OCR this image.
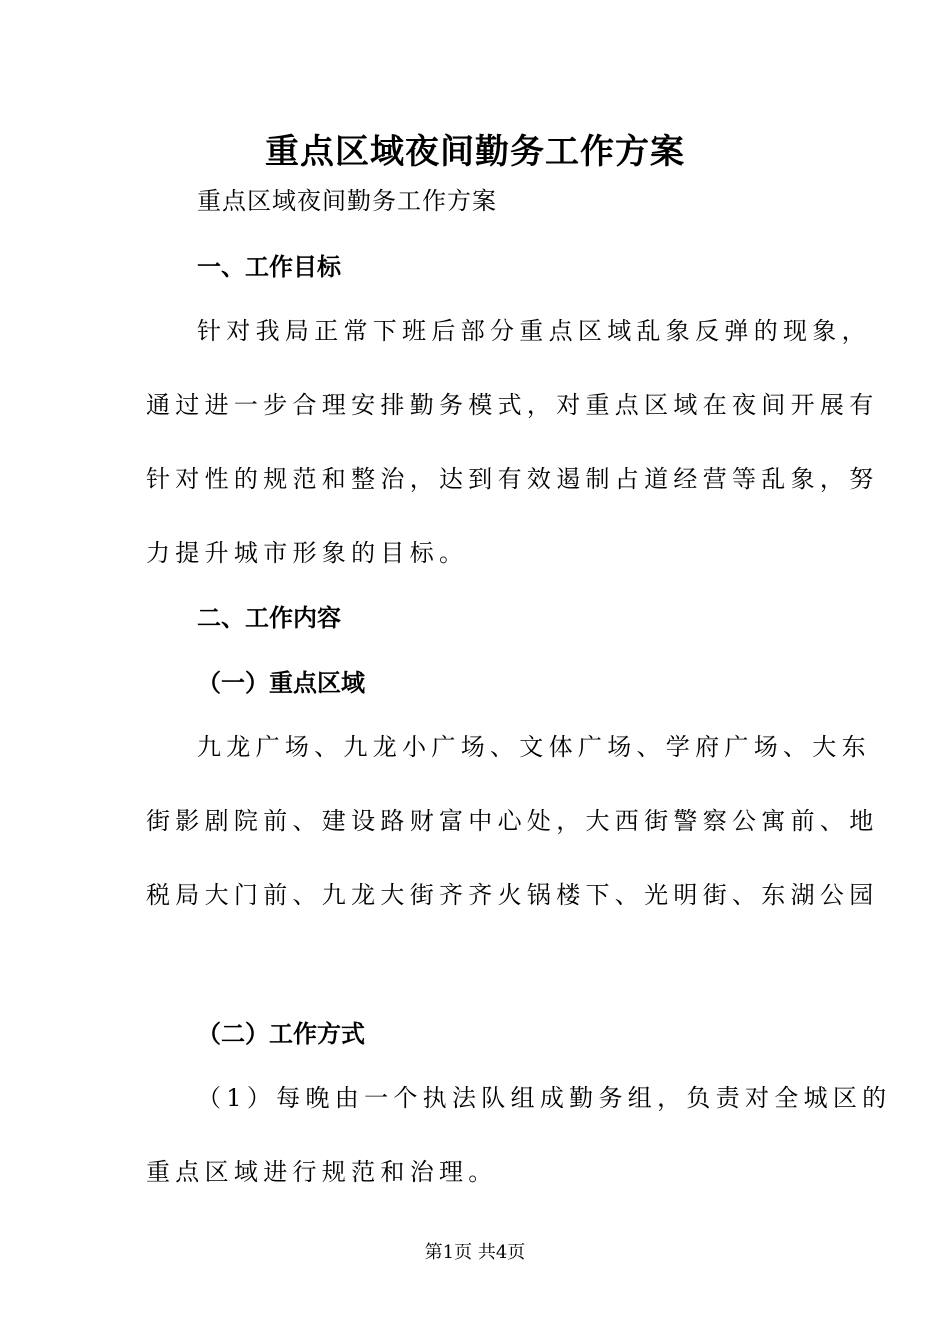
重点区域夜间勤务工作方案
重点区域夜间勤务工作方案
一、工作目标
针对我局正常下班后部分重点区域乱象反弹的现象，
通过进一步合理安排勤务模式，对重点区域在夜间开展有
针对性的规范和整治，达到有效遏制占道经营等乱象，努
力提升城市形象的目标。
二、工作内容
（一）重点区域
九龙广场、九龙小广场、文体广场、学府广场、大东
街影剧院前、建设路财富中心处，大西街警察公寓前、地
税局大门前、九龙大街齐齐火锅楼下、光明街、东湖公园
（二）工作方式
（1）每晚由一个执法队组成勤务组，负责对全城区的
重点区域进行规范和治理。
第1页 共4页
